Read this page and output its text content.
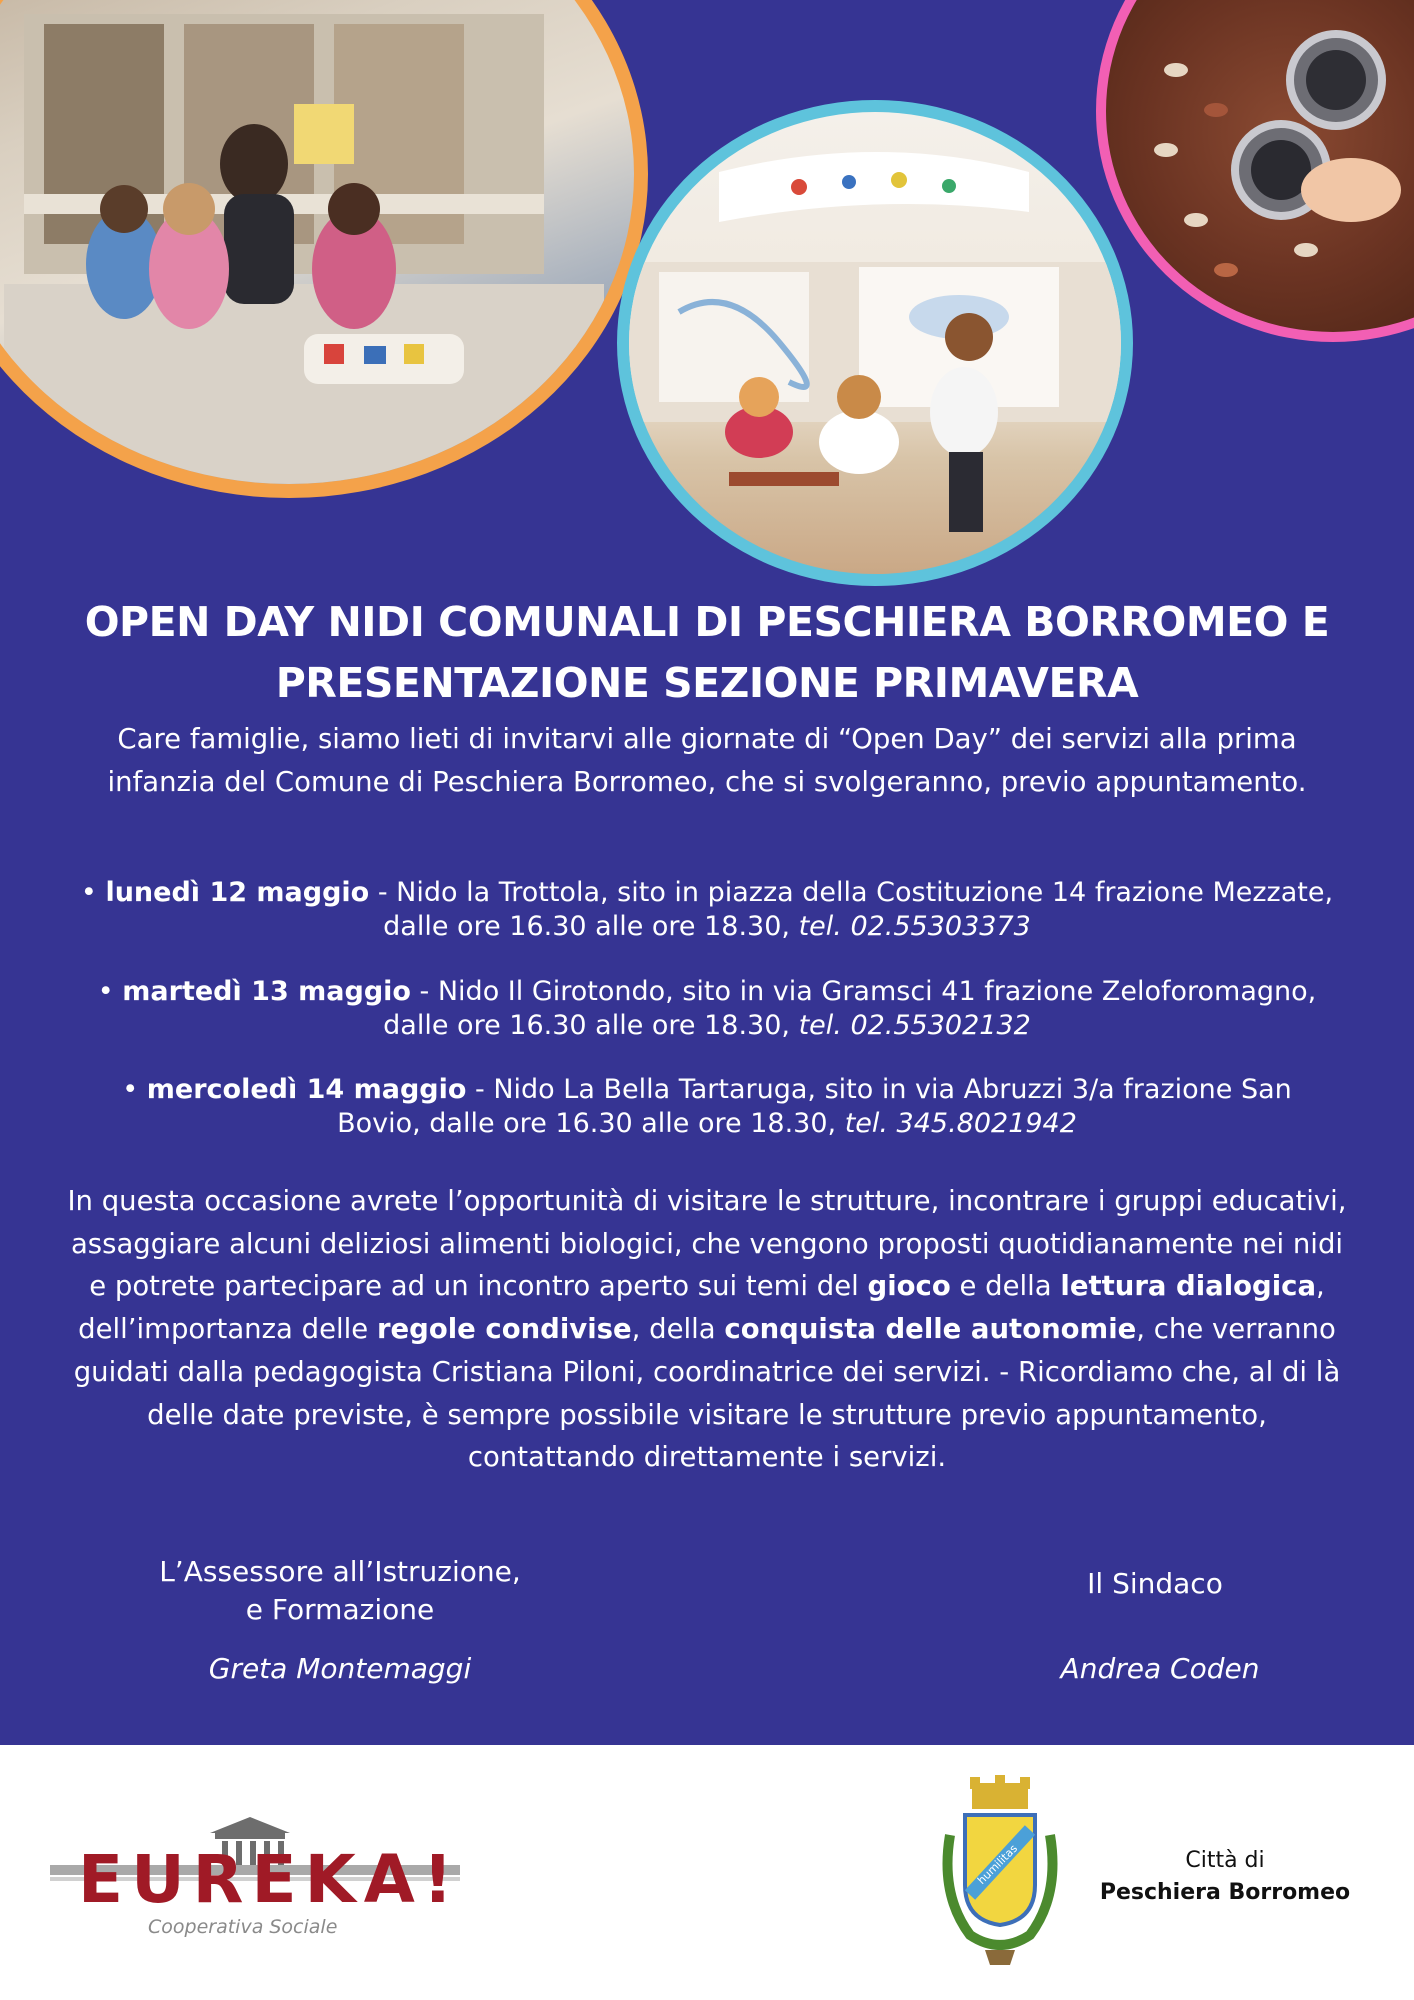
OPEN DAY NIDI COMUNALI DI PESCHIERA BORROMEO E
PRESENTAZIONE SEZIONE PRIMAVERA

Care famiglie, siamo lieti di invitarvi alle giornate di “Open Day” dei servizi alla prima infanzia del Comune di Peschiera Borromeo, che si svolgeranno, previo appuntamento.

• lunedì 12 maggio - Nido la Trottola, sito in piazza della Costituzione 14 frazione Mezzate, dalle ore 16.30 alle ore 18.30, tel. 02.55303373

• martedì 13 maggio - Nido Il Girotondo, sito in via Gramsci 41 frazione Zeloforomagno, dalle ore 16.30 alle ore 18.30, tel. 02.55302132

• mercoledì 14 maggio - Nido La Bella Tartaruga, sito in via Abruzzi 3/a frazione San Bovio, dalle ore 16.30 alle ore 18.30, tel. 345.8021942

In questa occasione avrete l’opportunità di visitare le strutture, incontrare i gruppi educativi, assaggiare alcuni deliziosi alimenti biologici, che vengono proposti quotidianamente nei nidi e potrete partecipare ad un incontro aperto sui temi del gioco e della lettura dialogica, dell’importanza delle regole condivise, della conquista delle autonomie, che verranno guidati dalla pedagogista Cristiana Piloni, coordinatrice dei servizi. - Ricordiamo che, al di là delle date previste, è sempre possibile visitare le strutture previo appuntamento, contattando direttamente i servizi.

L’Assessore all’Istruzione,
e Formazione
Greta Montemaggi
Il Sindaco
Andrea Coden
EUREKA!
Cooperativa Sociale
humilitas	Città di
Peschiera Borromeo
